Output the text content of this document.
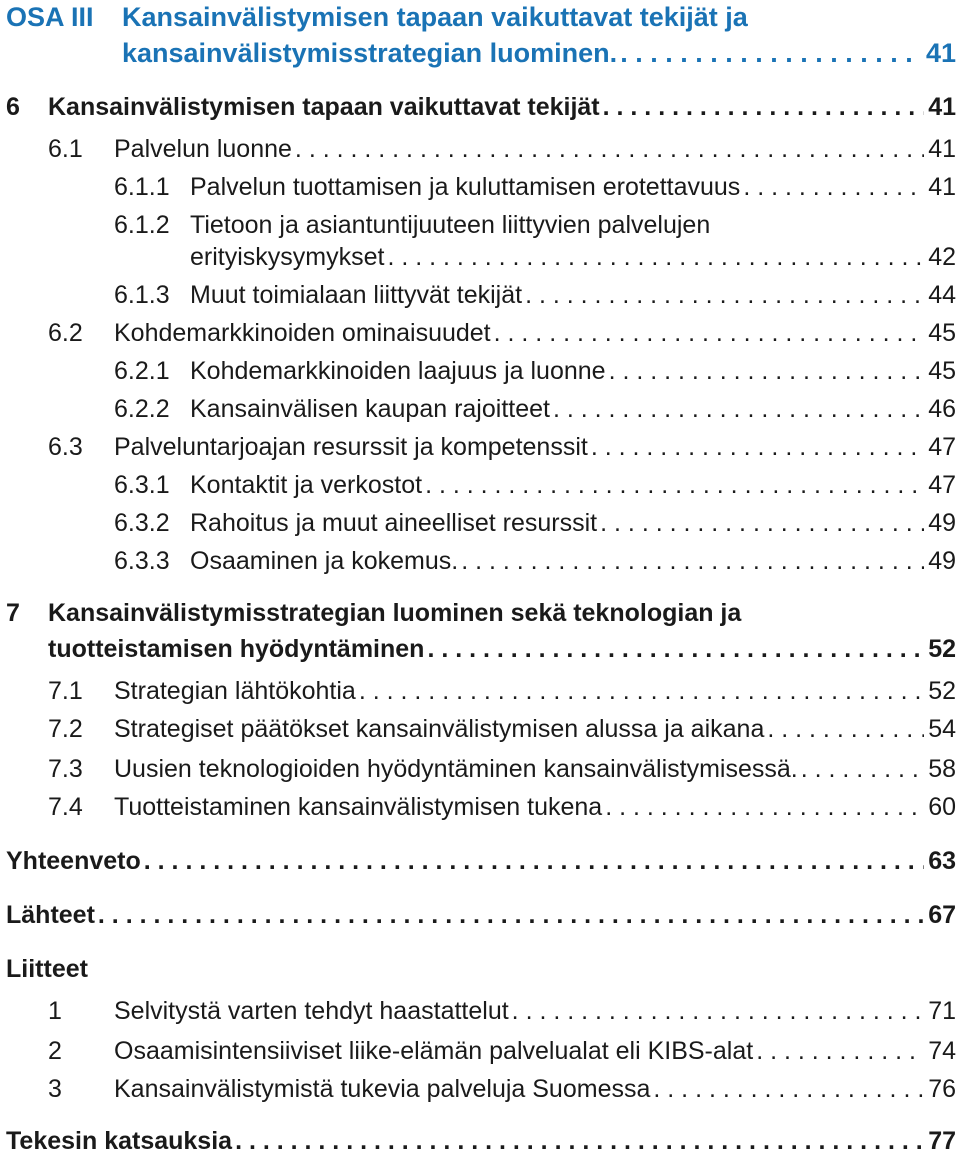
OSA III Kansainvälistymisen tapaan vaikuttavat tekijät ja
kansainvälistymisstrategian luominen. . . .	41
6	Kansainvälistymisen tapaan vaikuttavat tekijät . . .	41
6.1	Palvelun luonne . . .	41
6.1.1 Palvelun tuottamisen ja kuluttamisen erotettavuus . . .	41
6.1.2 Tietoon ja asiantuntijuuteen liittyvien palvelujen
erityiskysymykset . . .	42
6.1.3 Muut toimialaan liittyvät tekijät . . .	44
6.2	Kohdemarkkinoiden ominaisuudet . . .	45
6.2.1 Kohdemarkkinoiden laajuus ja luonne . . .	45
6.2.2 Kansainvälisen kaupan rajoitteet . . .	46
6.3	Palveluntarjoajan resurssit ja kompetenssit . . .	47
6.3.1 Kontaktit ja verkostot . . .	47
6.3.2 Rahoitus ja muut aineelliset resurssit . . .	49
6.3.3 Osaaminen ja kokemus. . . .	49
7	Kansainvälistymisstrategian luominen sekä teknologian ja
tuotteistamisen hyödyntäminen . . .	52
7.1	Strategian lähtökohtia . . .	52
7.2	Strategiset päätökset kansainvälistymisen alussa ja aikana . . .	54
7.3	Uusien teknologioiden hyödyntäminen kansainvälistymisessä. . . .	58
7.4	Tuotteistaminen kansainvälistymisen tukena . . .	60
Yhteenveto . . .	63
Lähteet . . .	67
Liitteet
1	Selvitystä varten tehdyt haastattelut . . .	71
2	Osaamisintensiiviset liike-elämän palvelualat eli KIBS-alat . . .	74
3	Kansainvälistymistä tukevia palveluja Suomessa . . .	76
Tekesin katsauksia . . .	77
